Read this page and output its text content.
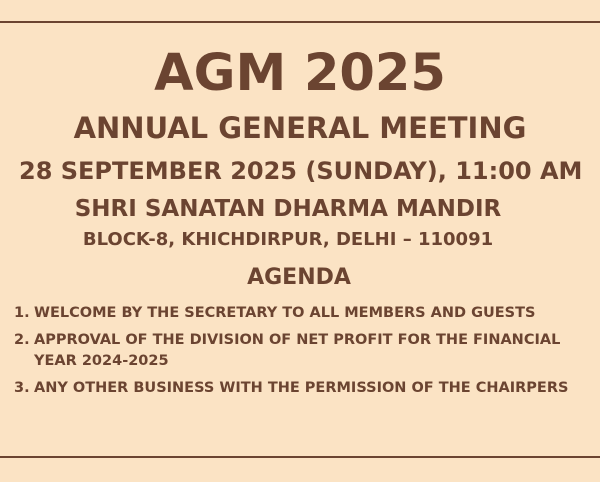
AGM 2025
ANNUAL GENERAL MEETING
28 SEPTEMBER 2025 (SUNDAY), 11:00 AM
SHRI SANATAN DHARMA MANDIR
BLOCK-8, KHICHDIRPUR, DELHI – 110091
AGENDA
1. WELCOME BY THE SECRETARY TO ALL MEMBERS AND GUESTS
2. APPROVAL OF THE DIVISION OF NET PROFIT FOR THE FINANCIAL
YEAR 2024-2025
3. ANY OTHER BUSINESS WITH THE PERMISSION OF THE CHAIRPERS
